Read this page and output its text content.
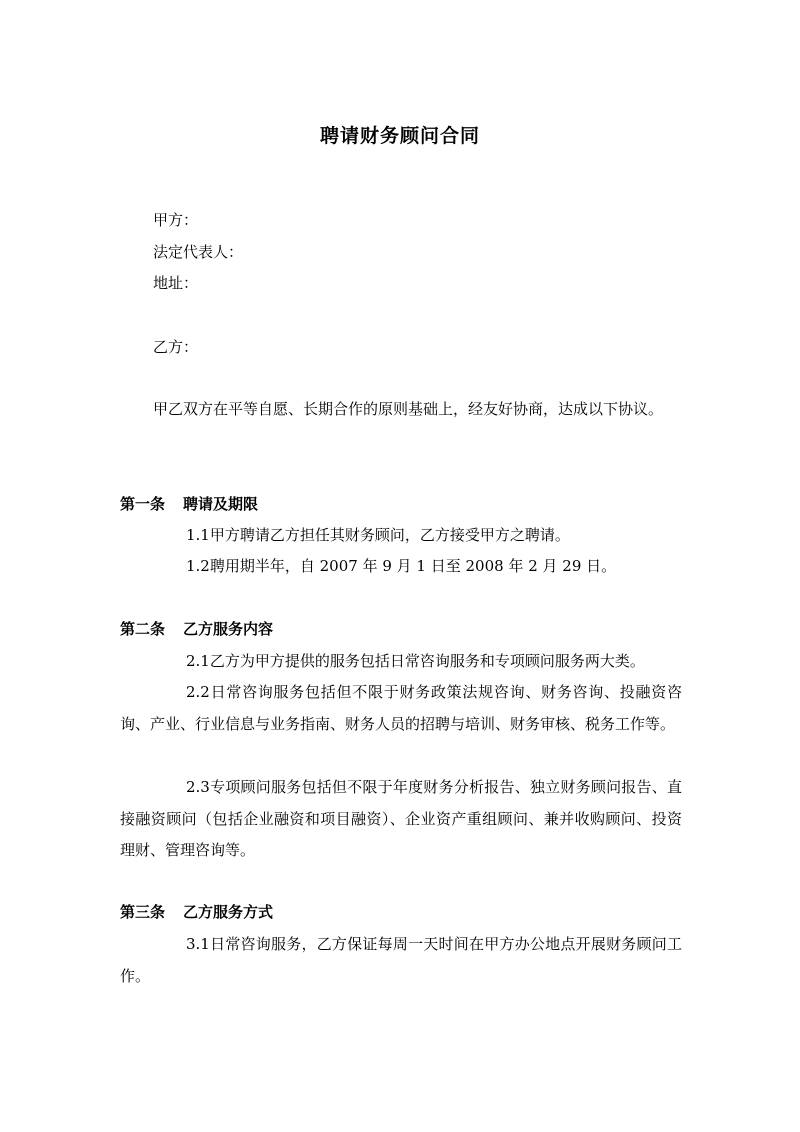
聘请财务顾问合同
甲方：
法定代表人：
地址：
乙方：
甲乙双方在平等自愿、长期合作的原则基础上，经友好协商，达成以下协议。
第一条 聘请及期限
1.1甲方聘请乙方担任其财务顾问，乙方接受甲方之聘请。
1.2聘用期半年，自 2007 年 9 月 1 日至 2008 年 2 月 29 日。
第二条 乙方服务内容
2.1乙方为甲方提供的服务包括日常咨询服务和专项顾问服务两大类。
2.2日常咨询服务包括但不限于财务政策法规咨询、财务咨询、投融资咨询、产业、行业信息与业务指南、财务人员的招聘与培训、财务审核、税务工作等。
2.3专项顾问服务包括但不限于年度财务分析报告、独立财务顾问报告、直接融资顾问（包括企业融资和项目融资）、企业资产重组顾问、兼并收购顾问、投资理财、管理咨询等。
第三条 乙方服务方式
3.1日常咨询服务，乙方保证每周一天时间在甲方办公地点开展财务顾问工作。
